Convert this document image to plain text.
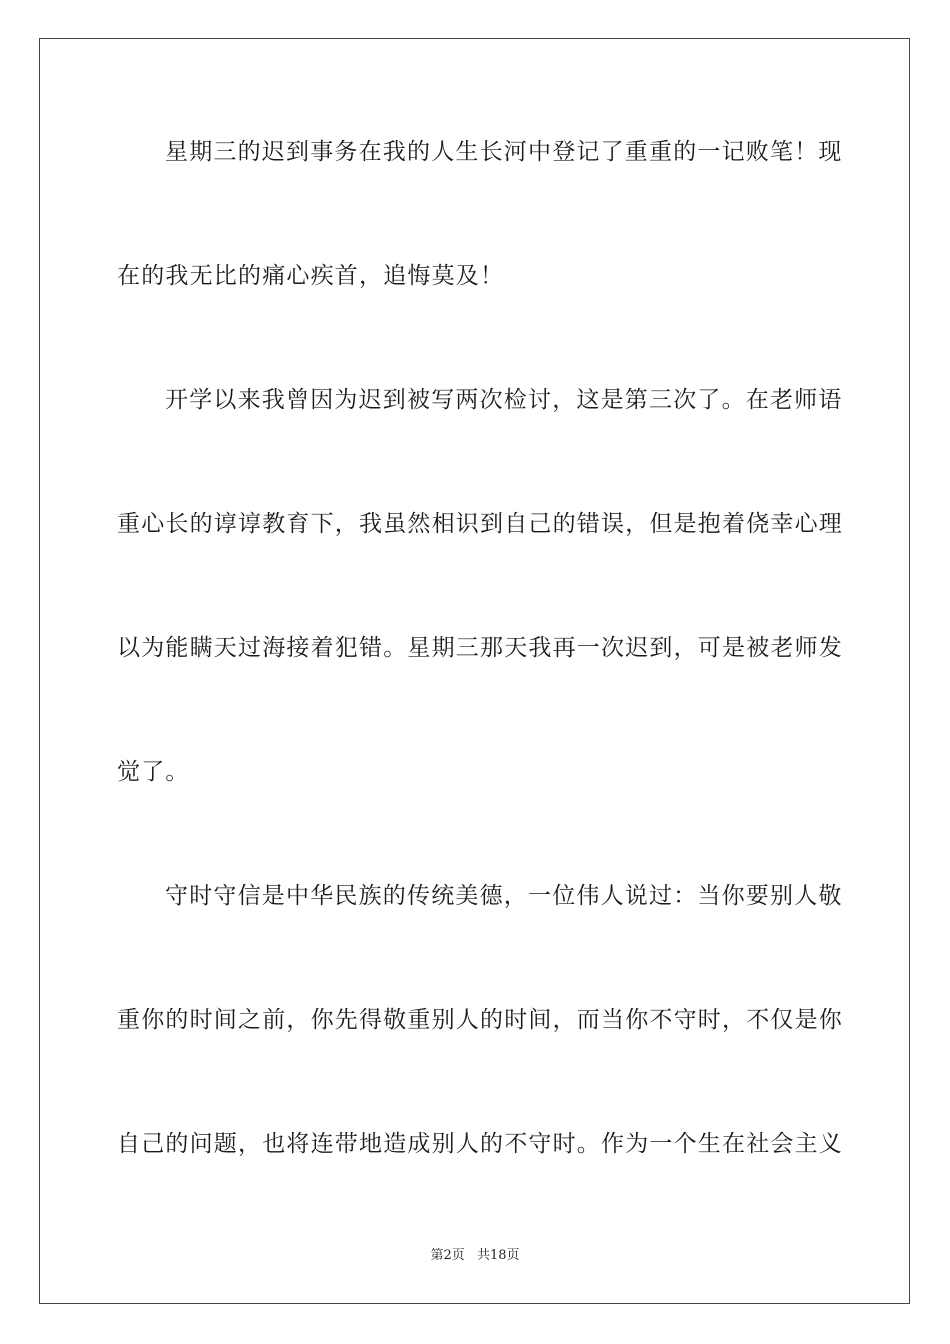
星期三的迟到事务在我的人生长河中登记了重重的一记败笔！现
在的我无比的痛心疾首，追悔莫及！
开学以来我曾因为迟到被写两次检讨，这是第三次了。在老师语
重心长的谆谆教育下，我虽然相识到自己的错误，但是抱着侥幸心理
以为能瞒天过海接着犯错。星期三那天我再一次迟到，可是被老师发
觉了。
守时守信是中华民族的传统美德，一位伟人说过：当你要别人敬
重你的时间之前，你先得敬重别人的时间，而当你不守时，不仅是你
自己的问题，也将连带地造成别人的不守时。作为一个生在社会主义
第2页 共18页
